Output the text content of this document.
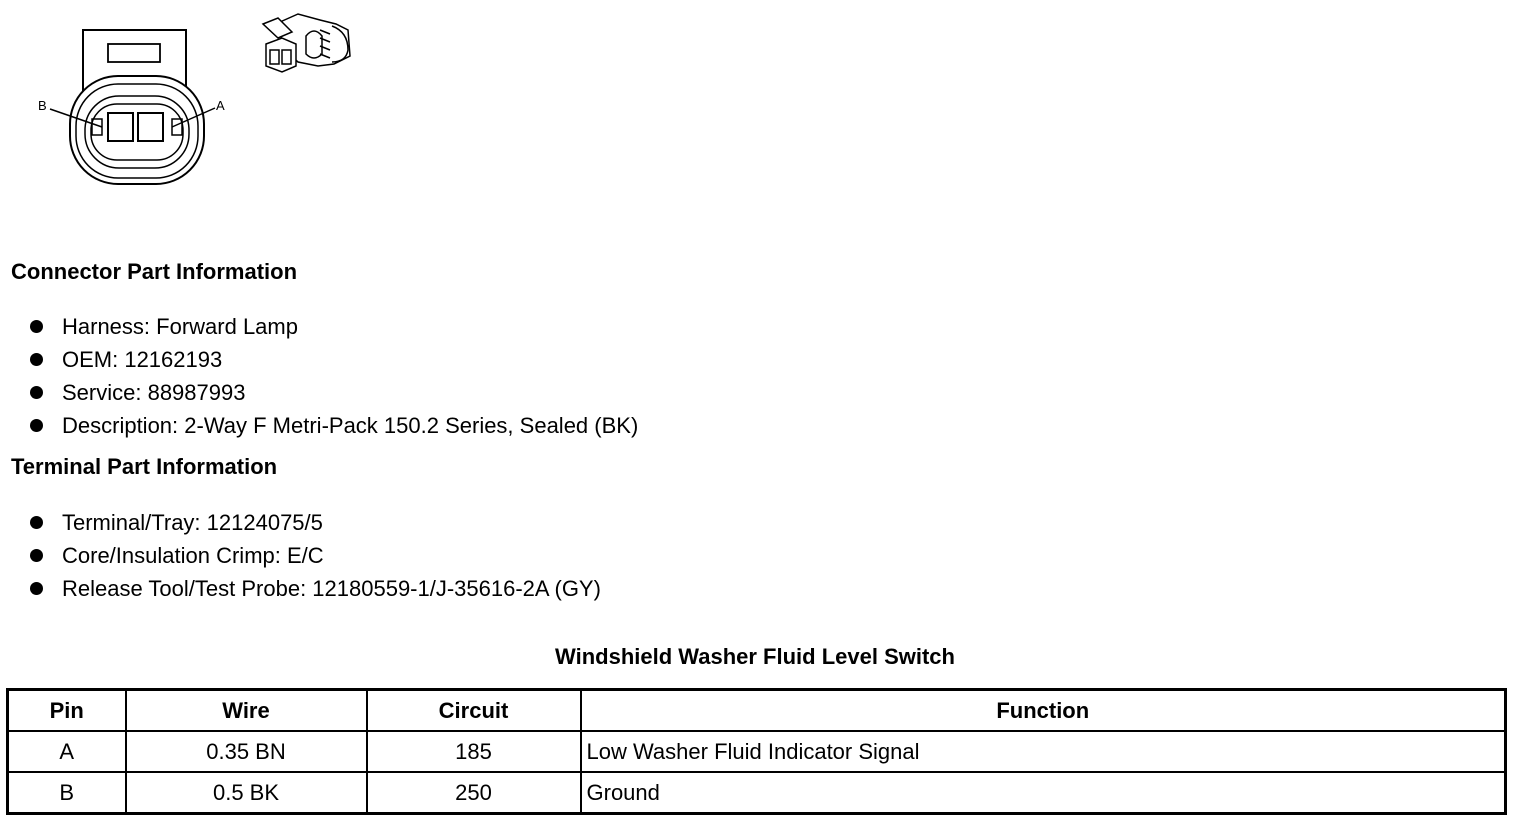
B	A
Connector Part Information
Harness: Forward Lamp
OEM: 12162193
Service: 88987993
Description: 2-Way F Metri-Pack 150.2 Series, Sealed (BK)
Terminal Part Information
Terminal/Tray: 12124075/5
Core/Insulation Crimp: E/C
Release Tool/Test Probe: 12180559-1/J-35616-2A (GY)
Windshield Washer Fluid Level Switch
Pin	Wire	Circuit	Function
A	0.35 BN	185	Low Washer Fluid Indicator Signal
B	0.5 BK	250	Ground
